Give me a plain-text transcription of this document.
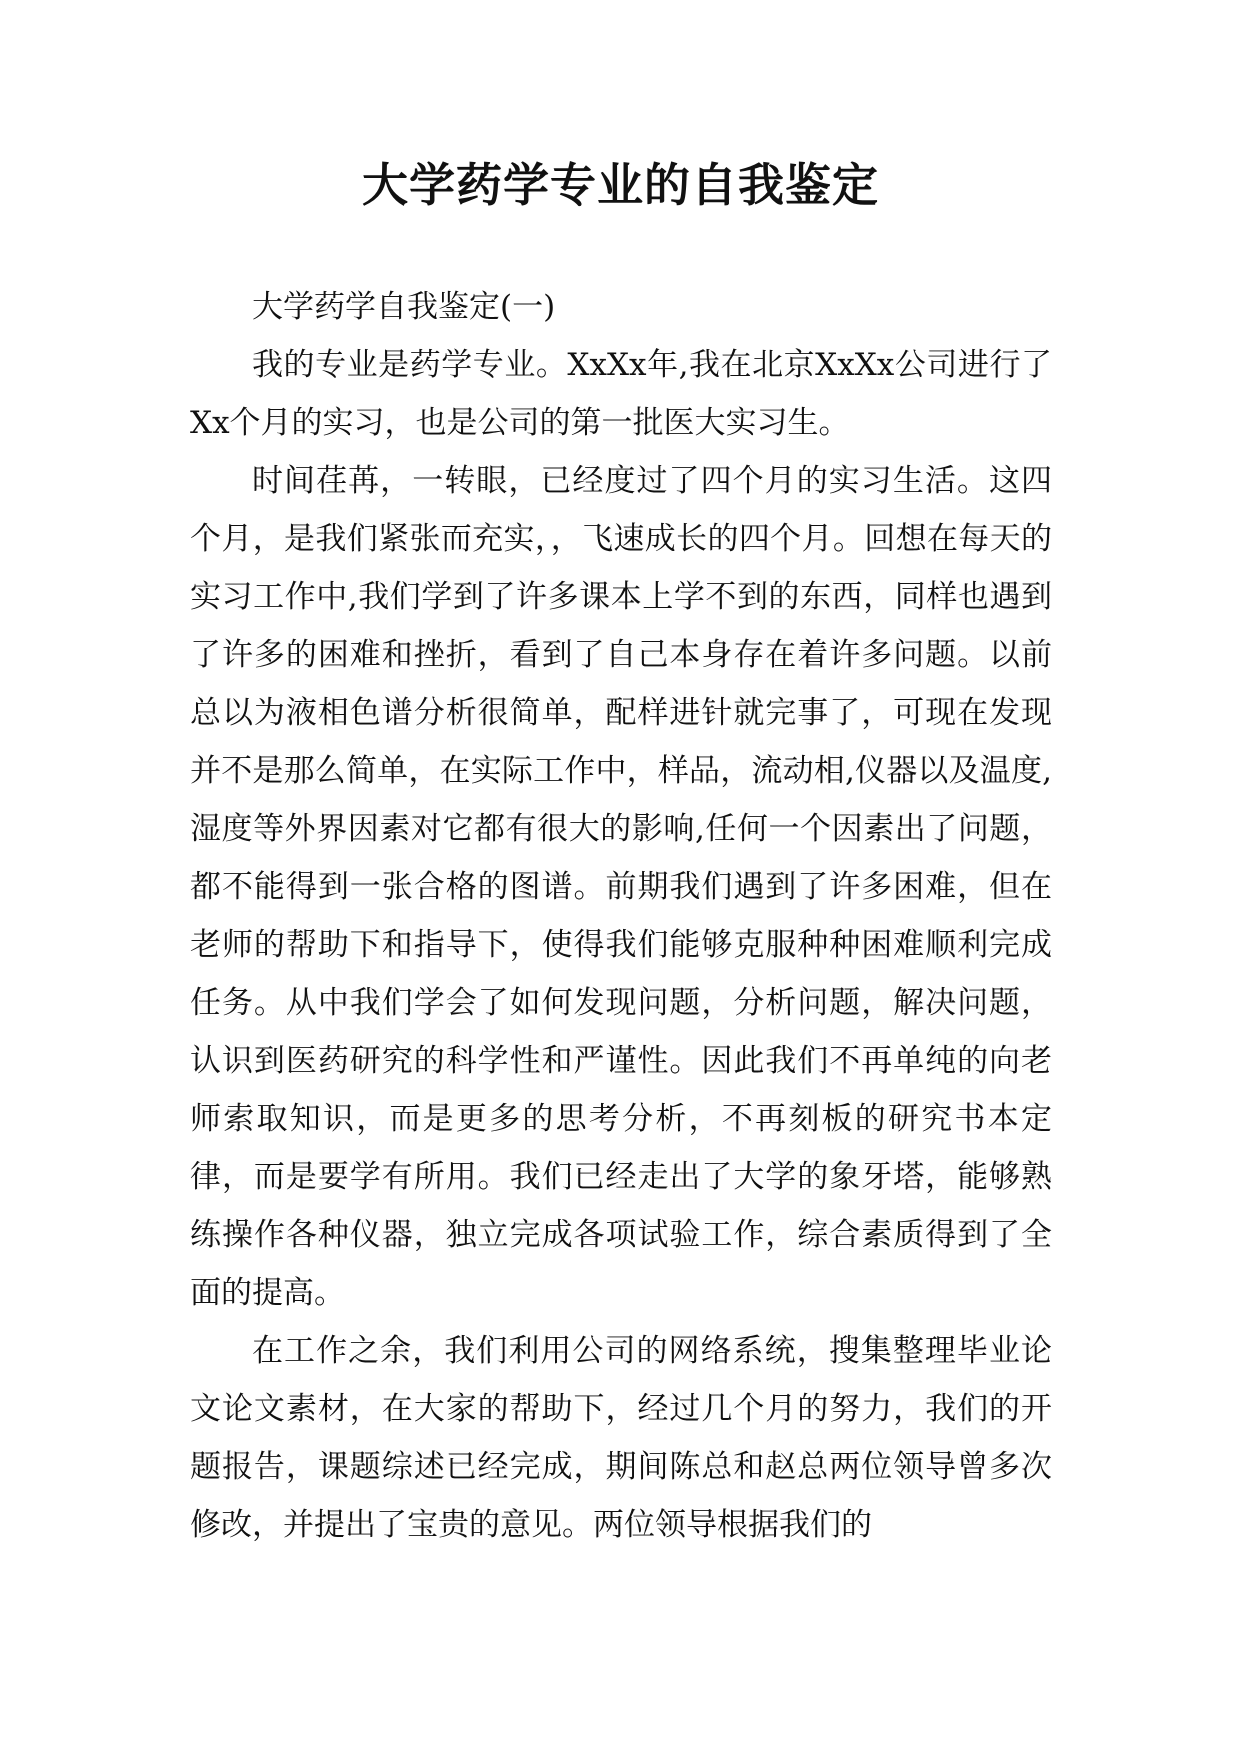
大学药学专业的自我鉴定

大学药学自我鉴定(一)

我的专业是药学专业。XxXx年,我在北京XxXx公司进行了Xx个月的实习，也是公司的第一批医大实习生。

时间荏苒，一转眼，已经度过了四个月的实习生活。这四个月，是我们紧张而充实，，飞速成长的四个月。回想在每天的实习工作中,我们学到了许多课本上学不到的东西，同样也遇到了许多的困难和挫折，看到了自己本身存在着许多问题。以前总以为液相色谱分析很简单，配样进针就完事了，可现在发现并不是那么简单，在实际工作中，样品，流动相,仪器以及温度,湿度等外界因素对它都有很大的影响,任何一个因素出了问题，都不能得到一张合格的图谱。前期我们遇到了许多困难，但在老师的帮助下和指导下，使得我们能够克服种种困难顺利完成任务。从中我们学会了如何发现问题，分析问题，解决问题，认识到医药研究的科学性和严谨性。因此我们不再单纯的向老师索取知识，而是更多的思考分析，不再刻板的研究书本定律，而是要学有所用。我们已经走出了大学的象牙塔，能够熟练操作各种仪器，独立完成各项试验工作，综合素质得到了全面的提高。

在工作之余，我们利用公司的网络系统，搜集整理毕业论文论文素材，在大家的帮助下，经过几个月的努力，我们的开题报告，课题综述已经完成，期间陈总和赵总两位领导曾多次修改，并提出了宝贵的意见。两位领导根据我们的
